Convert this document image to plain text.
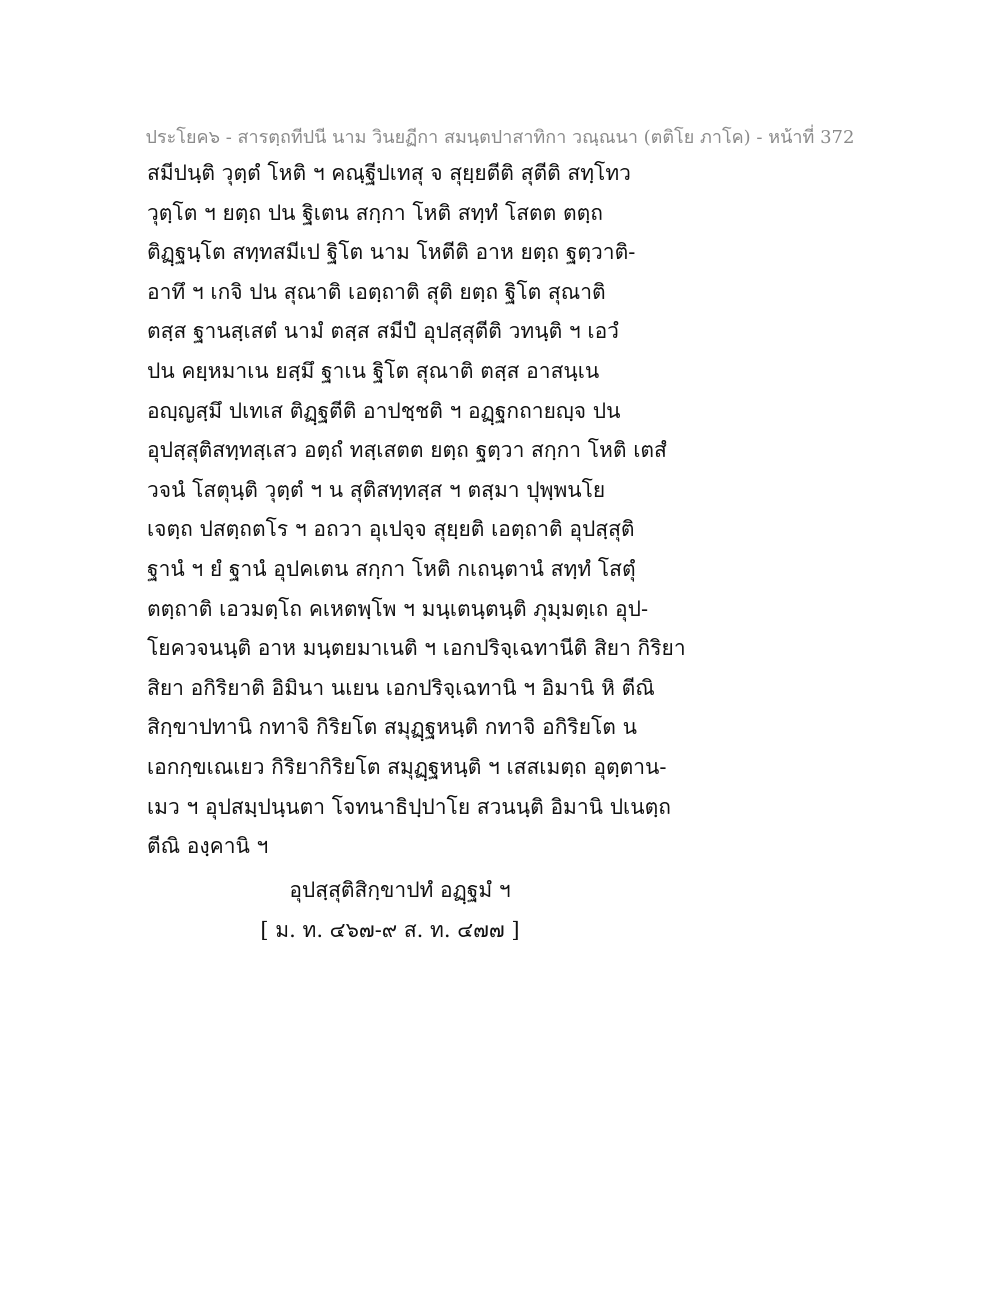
ประโยค๖ - สารตฺถทีปนี นาม วินยฏีกา สมนฺตปาสาทิกา วณฺณนา (ตติโย ภาโค) - หน้าที่ 372
สมีปนฺติ วุตฺตํ โหติ ฯ คณฺฐีปเทสุ จ สุยฺยตีติ สุตีติ สทฺโทว
วุตฺโต ฯ ยตฺถ ปน ฐิเตน สกฺกา โหติ สทฺทํ โสตต ตตฺถ
ติฏฺฐนฺโต สทฺทสมีเป ฐิโต นาม โหตีติ อาห ยตฺถ ฐตฺวาติ-
อาทึ ฯ เกจิ ปน สุณาติ เอตฺถาติ สุติ ยตฺถ ฐิโต สุณาติ
ตสฺส ฐานสฺเสตํ นามํ ตสฺส สมีปํ อุปสฺสุตีติ วทนฺติ ฯ เอวํ
ปน คยฺหมาเน ยสฺมึ ฐาเน ฐิโต สุณาติ ตสฺส อาสนฺเน
อญฺญสฺมึ ปเทเส ติฏฺฐตีติ อาปชฺชติ ฯ อฏฺฐกถายญฺจ ปน
อุปสฺสุติสทฺทสฺเสว อตฺถํ ทสฺเสตต ยตฺถ ฐตฺวา สกฺกา โหติ เตสํ
วจนํ โสตุนฺติ วุตฺตํ ฯ น สุติสทฺทสฺส ฯ ตสฺมา ปุพฺพนโย
เจตฺถ ปสตฺถตโร ฯ อถวา อุเปจฺจ สุยฺยติ เอตฺถาติ อุปสฺสุติ
ฐานํ ฯ ยํ ฐานํ อุปคเตน สกฺกา โหติ กเถนฺตานํ สทฺทํ โสตุํ
ตตฺถาติ เอวมตฺโถ คเหตพฺโพ ฯ มนฺเตนฺตนฺติ ภุมฺมตฺเถ อุป-
โยควจนนฺติ อาห มนฺตยมาเนติ ฯ เอกปริจฺเฉทานีติ สิยา กิริยา
สิยา อกิริยาติ อิมินา นเยน เอกปริจฺเฉทานิ ฯ อิมานิ หิ ตีณิ
สิกฺขาปทานิ กทาจิ กิริยโต สมุฏฺฐหนฺติ กทาจิ อกิริยโต น
เอกกฺขเณเยว กิริยากิริยโต สมุฏฺฐหนฺติ ฯ เสสเมตฺถ อุตฺตาน-
เมว ฯ อุปสมฺปนฺนตา โจทนาธิปฺปาโย สวนนฺติ อิมานิ ปเนตฺถ
ตีณิ องฺคานิ ฯ
อุปสฺสุติสิกฺขาปทํ อฏฺฐมํ ฯ
[ ม. ท. ๔๖๗-๙ ส. ท. ๔๗๗ ]
